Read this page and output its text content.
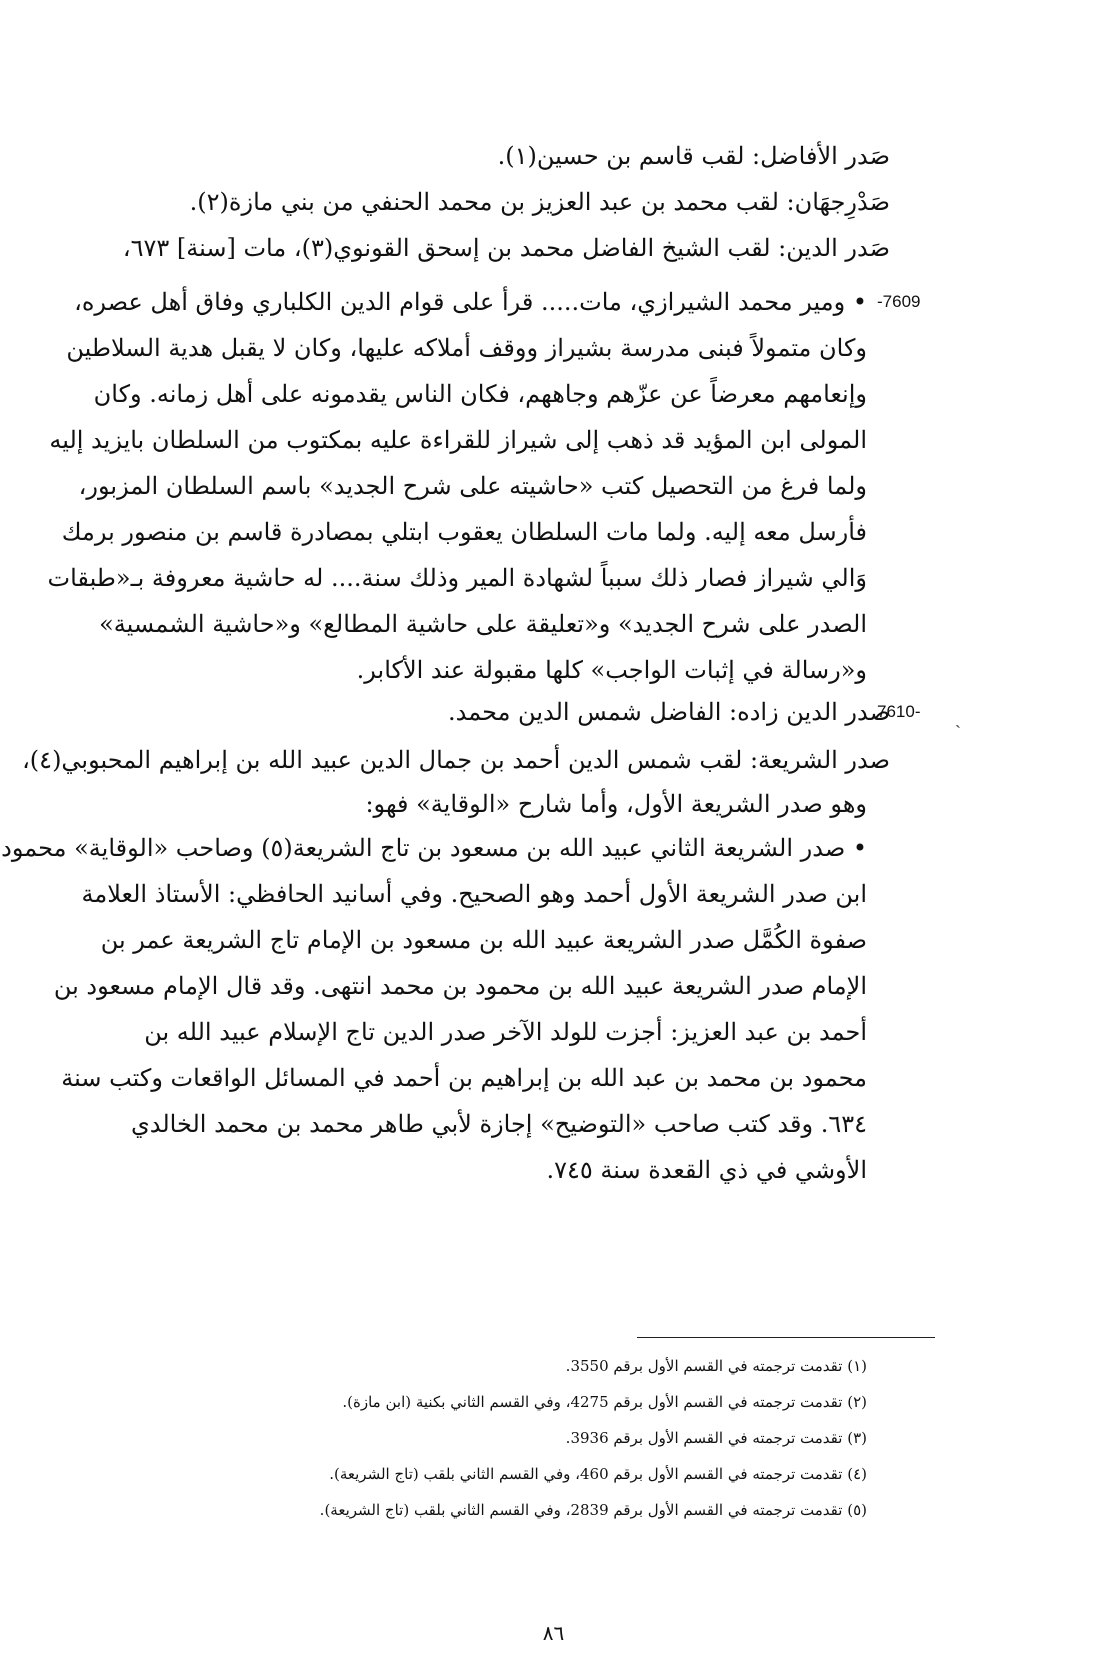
صَدر الأفاضل: لقب قاسم بن حسين(١).
صَدْرِجهَان: لقب محمد بن عبد العزيز بن محمد الحنفي من بني مازة(٢).
صَدر الدين: لقب الشيخ الفاضل محمد بن إسحق القونوي(٣)، مات [سنة] ٦٧٣،
-7609
• ومير محمد الشيرازي، مات..... قرأ على قوام الدين الكلباري وفاق أهل عصره،
وكان متمولاً فبنى مدرسة بشيراز ووقف أملاكه عليها، وكان لا يقبل هدية السلاطين
وإنعامهم معرضاً عن عزّهم وجاههم، فكان الناس يقدمونه على أهل زمانه. وكان
المولى ابن المؤيد قد ذهب إلى شيراز للقراءة عليه بمكتوب من السلطان بايزيد إليه
ولما فرغ من التحصيل كتب «حاشيته على شرح الجديد» باسم السلطان المزبور،
فأرسل معه إليه. ولما مات السلطان يعقوب ابتلي بمصادرة قاسم بن منصور برمك
وَالي شيراز فصار ذلك سبباً لشهادة المير وذلك سنة.... له حاشية معروفة بـ«طبقات
الصدر على شرح الجديد» و«تعليقة على حاشية المطالع» و«حاشية الشمسية»
و«رسالة في إثبات الواجب» كلها مقبولة عند الأكابر.
ˎ
7610-
صدر الدين زاده: الفاضل شمس الدين محمد.
صدر الشريعة: لقب شمس الدين أحمد بن جمال الدين عبيد الله بن إبراهيم المحبوبي(٤)،
وهو صدر الشريعة الأول، وأما شارح «الوقاية» فهو:
• صدر الشريعة الثاني عبيد الله بن مسعود بن تاج الشريعة(٥) وصاحب «الوقاية» محمود
ابن صدر الشريعة الأول أحمد وهو الصحيح. وفي أسانيد الحافظي: الأستاذ العلامة
صفوة الكُمَّل صدر الشريعة عبيد الله بن مسعود بن الإمام تاج الشريعة عمر بن
الإمام صدر الشريعة عبيد الله بن محمود بن محمد انتهى. وقد قال الإمام مسعود بن
أحمد بن عبد العزيز: أجزت للولد الآخر صدر الدين تاج الإسلام عبيد الله بن
محمود بن محمد بن عبد الله بن إبراهيم بن أحمد في المسائل الواقعات وكتب سنة
٦٣٤. وقد كتب صاحب «التوضيح» إجازة لأبي طاهر محمد بن محمد الخالدي
الأوشي في ذي القعدة سنة ٧٤٥.
(١) تقدمت ترجمته في القسم الأول برقم 3550.
(٢) تقدمت ترجمته في القسم الأول برقم 4275، وفي القسم الثاني بكنية (ابن مازة).
(٣) تقدمت ترجمته في القسم الأول برقم 3936.
(٤) تقدمت ترجمته في القسم الأول برقم 460، وفي القسم الثاني بلقب (تاج الشريعة).
(٥) تقدمت ترجمته في القسم الأول برقم 2839، وفي القسم الثاني بلقب (تاج الشريعة).
٨٦
